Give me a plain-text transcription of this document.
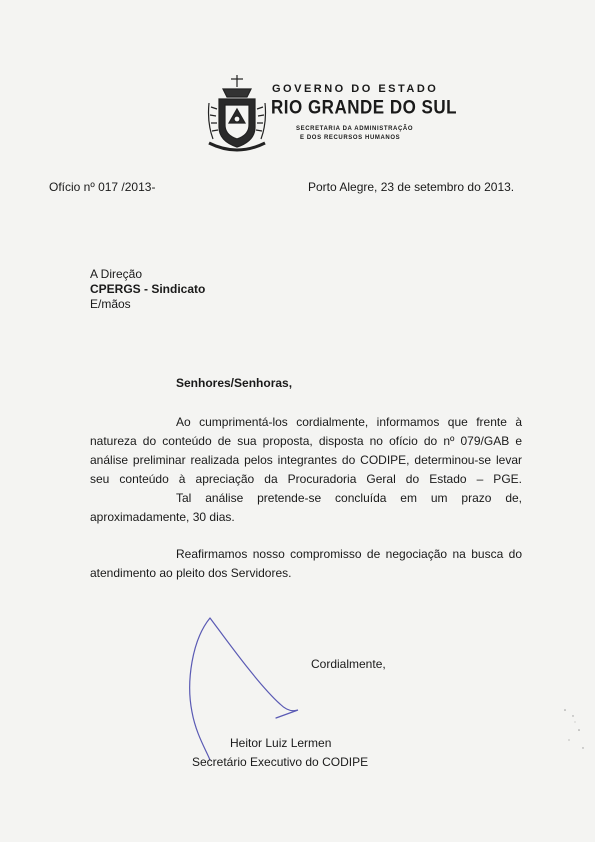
GOVERNO DO ESTADO
RIO GRANDE DO SUL
SECRETARIA DA ADMINISTRAÇÃO
E DOS RECURSOS HUMANOS
Ofício nº 017 /2013-	Porto Alegre, 23 de setembro do 2013.
A Direção
CPERGS - Sindicato
E/mãos
Senhores/Senhoras,
Ao cumprimentá-los cordialmente, informamos que frente à
natureza do conteúdo de sua proposta, disposta no ofício do nº 079/GAB e
análise preliminar realizada pelos integrantes do CODIPE, determinou-se levar
seu conteúdo à apreciação da Procuradoria Geral do Estado – PGE.
Tal análise pretende-se concluída em um prazo de,
aproximadamente, 30 dias.
Reafirmamos nosso compromisso de negociação na busca do
atendimento ao pleito dos Servidores.
Cordialmente,
Heitor Luiz Lermen
Secretário Executivo do CODIPE
